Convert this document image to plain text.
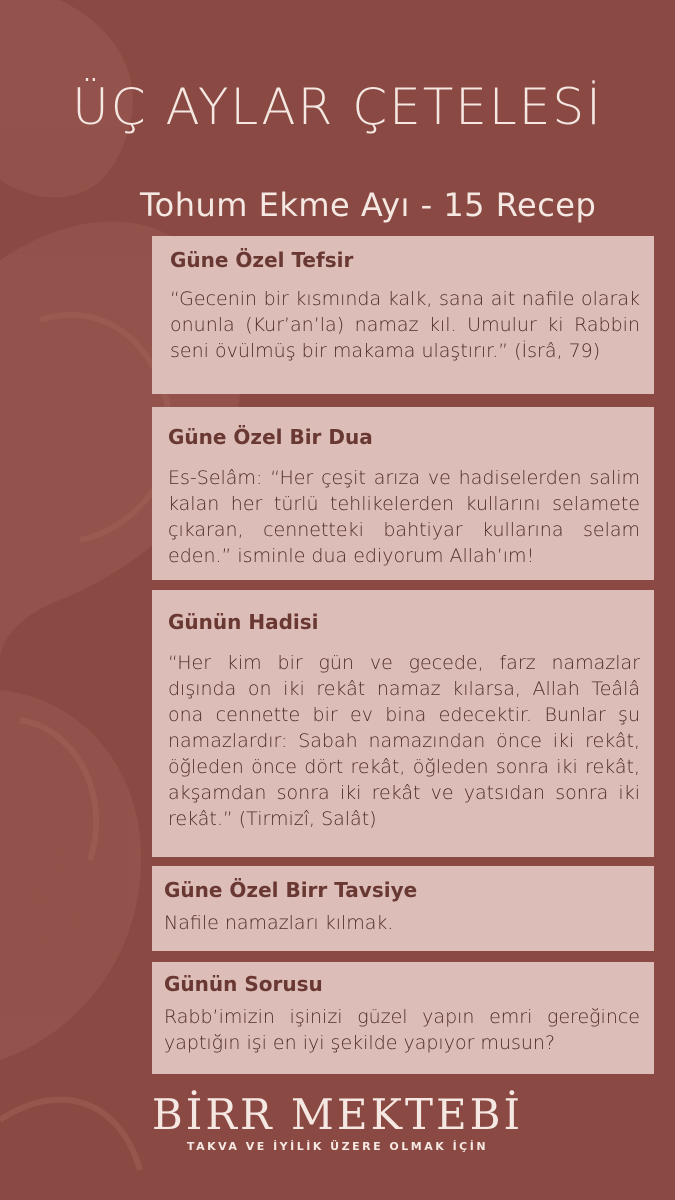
ÜÇ AYLAR ÇETELESİ
Tohum Ekme Ayı - 15 Recep
Güne Özel Tefsir

“Gecenin bir kısmında kalk, sana ait nafile olarak onunla (Kur’an’la) namaz kıl. Umulur ki Rabbin seni övülmüş bir makama ulaştırır.” (İsrâ, 79)

Güne Özel Bir Dua

Es-Selâm: “Her çeşit arıza ve hadiselerden salim kalan her türlü tehlikelerden kullarını selamete çıkaran, cennetteki bahtiyar kullarına selam eden.” isminle dua ediyorum Allah’ım!

Günün Hadisi

“Her kim bir gün ve gecede, farz namazlar dışında on iki rekât namaz kılarsa, Allah Teâlâ ona cennette bir ev bina edecektir. Bunlar şu namazlardır: Sabah namazından önce iki rekât, öğleden önce dört rekât, öğleden sonra iki rekât, akşamdan sonra iki rekât ve yatsıdan sonra iki rekât.” (Tirmizî, Salât)

Güne Özel Birr Tavsiye

Nafile namazları kılmak.

Günün Sorusu

Rabb’imizin işinizi güzel yapın emri gereğince yaptığın işi en iyi şekilde yapıyor musun?

BİRR MEKTEBİ
TAKVA VE İYİLİK ÜZERE OLMAK İÇİN
